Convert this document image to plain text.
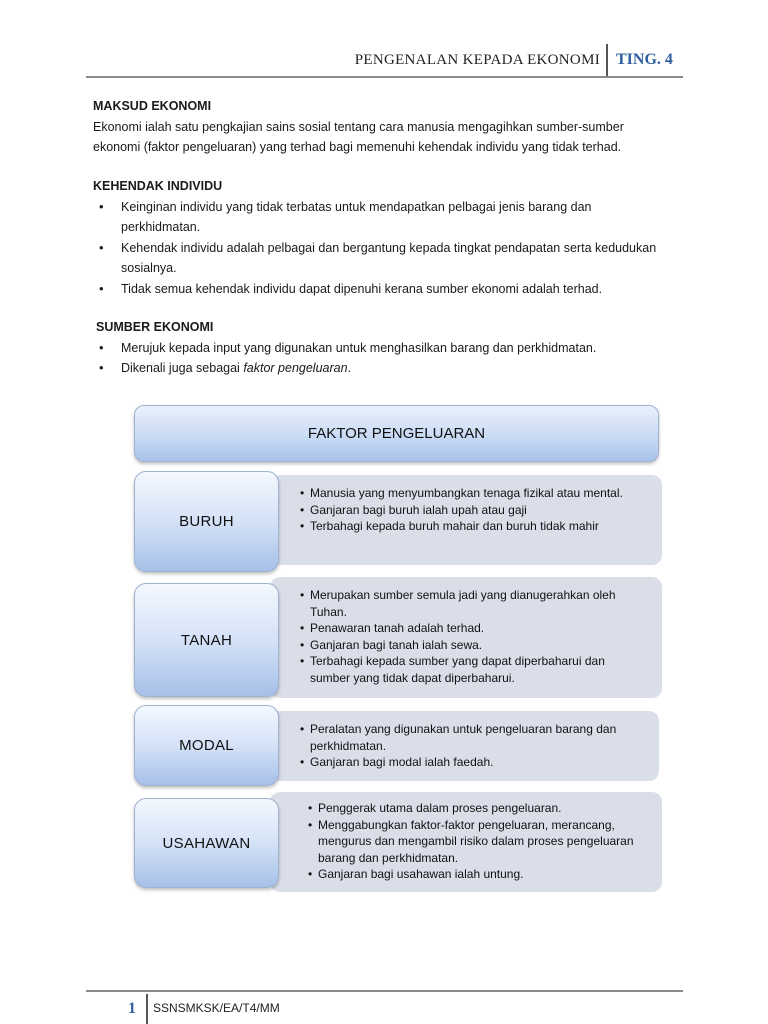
PENGENALAN KEPADA EKONOMI TING. 4
MAKSUD EKONOMI
Ekonomi ialah satu pengkajian sains sosial tentang cara manusia mengagihkan sumber-sumber ekonomi (faktor pengeluaran) yang terhad bagi memenuhi kehendak individu yang tidak terhad.
KEHENDAK INDIVIDU
• Keinginan individu yang tidak terbatas untuk mendapatkan pelbagai jenis barang dan perkhidmatan.
• Kehendak individu adalah pelbagai dan bergantung kepada tingkat pendapatan serta kedudukan sosialnya.
• Tidak semua kehendak individu dapat dipenuhi kerana sumber ekonomi adalah terhad.
SUMBER EKONOMI
• Merujuk kepada input yang digunakan untuk menghasilkan barang dan perkhidmatan.
• Dikenali juga sebagai faktor pengeluaran.
FAKTOR PENGELUARAN
• Manusia yang menyumbangkan tenaga fizikal atau mental.
• Ganjaran bagi buruh ialah upah atau gaji
• Terbahagi kepada buruh mahair dan buruh tidak mahir
BURUH
• Merupakan sumber semula jadi yang dianugerahkan oleh Tuhan.
• Penawaran tanah adalah terhad.
• Ganjaran bagi tanah ialah sewa.
• Terbahagi kepada sumber yang dapat diperbaharui dan sumber yang tidak dapat diperbaharui.
TANAH
• Peralatan yang digunakan untuk pengeluaran barang dan perkhidmatan.
• Ganjaran bagi modal ialah faedah.
MODAL
• Penggerak utama dalam proses pengeluaran.
• Menggabungkan faktor-faktor pengeluaran, merancang, mengurus dan mengambil risiko dalam proses pengeluaran barang dan perkhidmatan.
• Ganjaran bagi usahawan ialah untung.
USAHAWAN
1 SSNSMKSK/EA/T4/MM
